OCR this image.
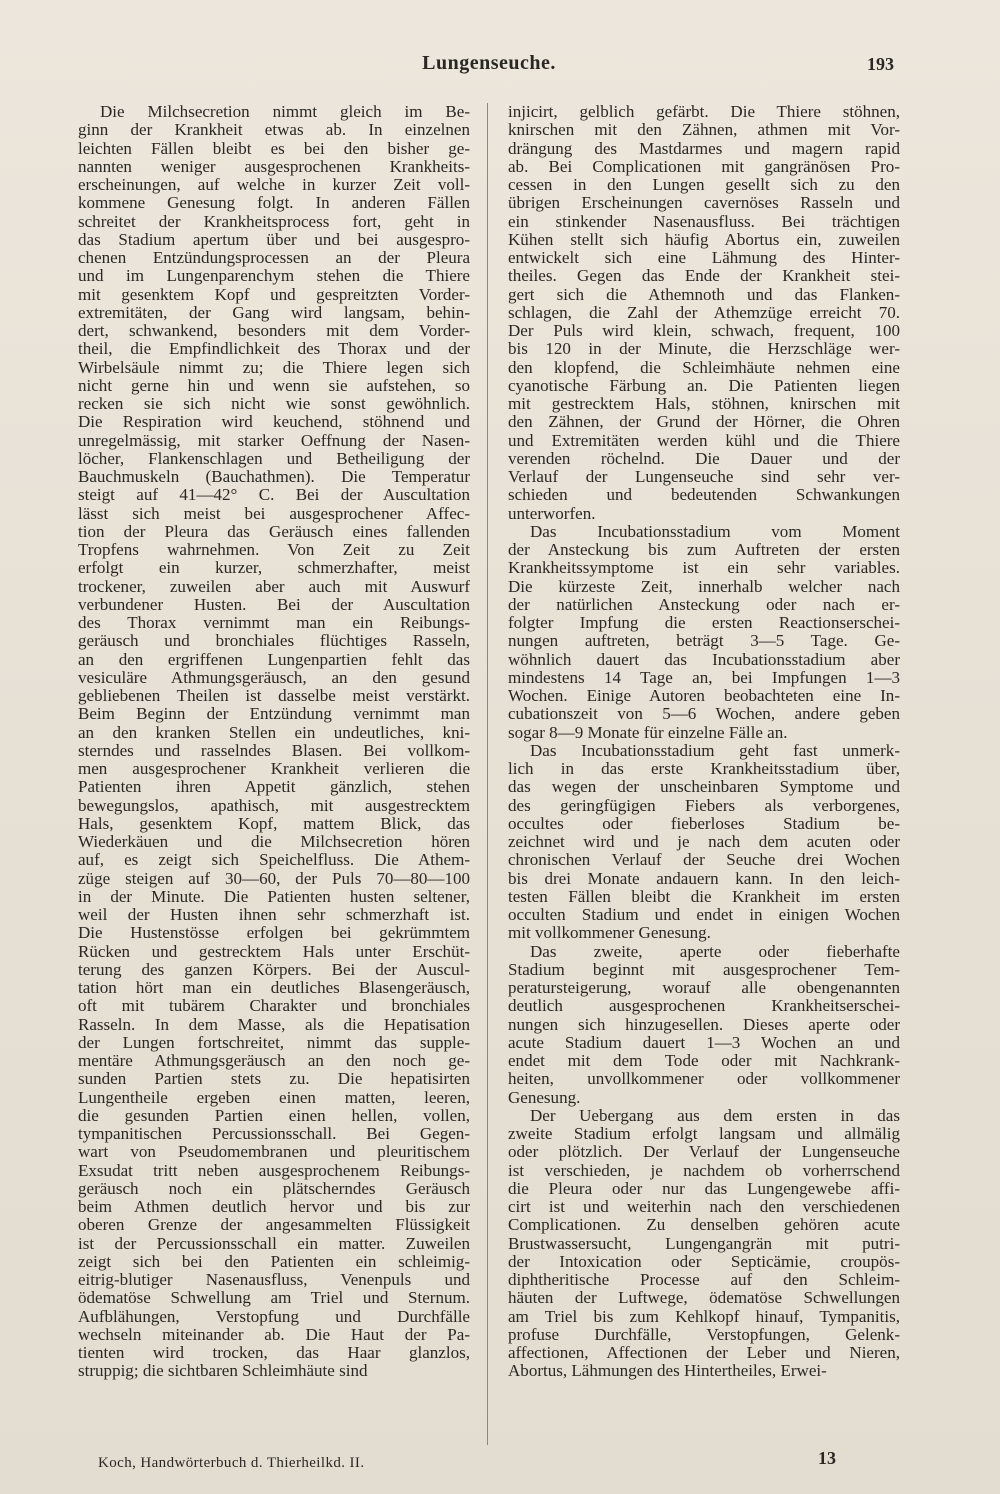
Lungenseuche.	193
Die Milchsecretion nimmt gleich im Be-
ginn der Krankheit etwas ab. In einzelnen
leichten Fällen bleibt es bei den bisher ge-
nannten weniger ausgesprochenen Krankheits-
erscheinungen, auf welche in kurzer Zeit voll-
kommene Genesung folgt. In anderen Fällen
schreitet der Krankheitsprocess fort, geht in
das Stadium apertum über und bei ausgespro-
chenen Entzündungsprocessen an der Pleura
und im Lungenparenchym stehen die Thiere
mit gesenktem Kopf und gespreitzten Vorder-
extremitäten, der Gang wird langsam, behin-
dert, schwankend, besonders mit dem Vorder-
theil, die Empfindlichkeit des Thorax und der
Wirbelsäule nimmt zu; die Thiere legen sich
nicht gerne hin und wenn sie aufstehen, so
recken sie sich nicht wie sonst gewöhnlich.
Die Respiration wird keuchend, stöhnend und
unregelmässig, mit starker Oeffnung der Nasen-
löcher, Flankenschlagen und Betheiligung der
Bauchmuskeln (Bauchathmen). Die Temperatur
steigt auf 41—42° C. Bei der Auscultation
lässt sich meist bei ausgesprochener Affec-
tion der Pleura das Geräusch eines fallenden
Tropfens wahrnehmen. Von Zeit zu Zeit
erfolgt ein kurzer, schmerzhafter, meist
trockener, zuweilen aber auch mit Auswurf
verbundener Husten. Bei der Auscultation
des Thorax vernimmt man ein Reibungs-
geräusch und bronchiales flüchtiges Rasseln,
an den ergriffenen Lungenpartien fehlt das
vesiculäre Athmungsgeräusch, an den gesund
gebliebenen Theilen ist dasselbe meist verstärkt.
Beim Beginn der Entzündung vernimmt man
an den kranken Stellen ein undeutliches, kni-
sterndes und rasselndes Blasen. Bei vollkom-
men ausgesprochener Krankheit verlieren die
Patienten ihren Appetit gänzlich, stehen
bewegungslos, apathisch, mit ausgestrecktem
Hals, gesenktem Kopf, mattem Blick, das
Wiederkäuen und die Milchsecretion hören
auf, es zeigt sich Speichelfluss. Die Athem-
züge steigen auf 30—60, der Puls 70—80—100
in der Minute. Die Patienten husten seltener,
weil der Husten ihnen sehr schmerzhaft ist.
Die Hustenstösse erfolgen bei gekrümmtem
Rücken und gestrecktem Hals unter Erschüt-
terung des ganzen Körpers. Bei der Auscul-
tation hört man ein deutliches Blasengeräusch,
oft mit tubärem Charakter und bronchiales
Rasseln. In dem Masse, als die Hepatisation
der Lungen fortschreitet, nimmt das supple-
mentäre Athmungsgeräusch an den noch ge-
sunden Partien stets zu. Die hepatisirten
Lungentheile ergeben einen matten, leeren,
die gesunden Partien einen hellen, vollen,
tympanitischen Percussionsschall. Bei Gegen-
wart von Pseudomembranen und pleuritischem
Exsudat tritt neben ausgesprochenem Reibungs-
geräusch noch ein plätscherndes Geräusch
beim Athmen deutlich hervor und bis zur
oberen Grenze der angesammelten Flüssigkeit
ist der Percussionsschall ein matter. Zuweilen
zeigt sich bei den Patienten ein schleimig-
eitrig-blutiger Nasenausfluss, Venenpuls und
ödematöse Schwellung am Triel und Sternum.
Aufblähungen, Verstopfung und Durchfälle
wechseln miteinander ab. Die Haut der Pa-
tienten wird trocken, das Haar glanzlos,
struppig; die sichtbaren Schleimhäute sind
injicirt, gelblich gefärbt. Die Thiere stöhnen,
knirschen mit den Zähnen, athmen mit Vor-
drängung des Mastdarmes und magern rapid
ab. Bei Complicationen mit gangränösen Pro-
cessen in den Lungen gesellt sich zu den
übrigen Erscheinungen cavernöses Rasseln und
ein stinkender Nasenausfluss. Bei trächtigen
Kühen stellt sich häufig Abortus ein, zuweilen
entwickelt sich eine Lähmung des Hinter-
theiles. Gegen das Ende der Krankheit stei-
gert sich die Athemnoth und das Flanken-
schlagen, die Zahl der Athemzüge erreicht 70.
Der Puls wird klein, schwach, frequent, 100
bis 120 in der Minute, die Herzschläge wer-
den klopfend, die Schleimhäute nehmen eine
cyanotische Färbung an. Die Patienten liegen
mit gestrecktem Hals, stöhnen, knirschen mit
den Zähnen, der Grund der Hörner, die Ohren
und Extremitäten werden kühl und die Thiere
verenden röchelnd. Die Dauer und der
Verlauf der Lungenseuche sind sehr ver-
schieden und bedeutenden Schwankungen
unterworfen.
Das Incubationsstadium vom Moment
der Ansteckung bis zum Auftreten der ersten
Krankheitssymptome ist ein sehr variables.
Die kürzeste Zeit, innerhalb welcher nach
der natürlichen Ansteckung oder nach er-
folgter Impfung die ersten Reactionserschei-
nungen auftreten, beträgt 3—5 Tage. Ge-
wöhnlich dauert das Incubationsstadium aber
mindestens 14 Tage an, bei Impfungen 1—3
Wochen. Einige Autoren beobachteten eine In-
cubationszeit von 5—6 Wochen, andere geben
sogar 8—9 Monate für einzelne Fälle an.
Das Incubationsstadium geht fast unmerk-
lich in das erste Krankheitsstadium über,
das wegen der unscheinbaren Symptome und
des geringfügigen Fiebers als verborgenes,
occultes oder fieberloses Stadium be-
zeichnet wird und je nach dem acuten oder
chronischen Verlauf der Seuche drei Wochen
bis drei Monate andauern kann. In den leich-
testen Fällen bleibt die Krankheit im ersten
occulten Stadium und endet in einigen Wochen
mit vollkommener Genesung.
Das zweite, aperte oder fieberhafte
Stadium beginnt mit ausgesprochener Tem-
peratursteigerung, worauf alle obengenannten
deutlich ausgesprochenen Krankheitserschei-
nungen sich hinzugesellen. Dieses aperte oder
acute Stadium dauert 1—3 Wochen an und
endet mit dem Tode oder mit Nachkrank-
heiten, unvollkommener oder vollkommener
Genesung.
Der Uebergang aus dem ersten in das
zweite Stadium erfolgt langsam und allmälig
oder plötzlich. Der Verlauf der Lungenseuche
ist verschieden, je nachdem ob vorherrschend
die Pleura oder nur das Lungengewebe affi-
cirt ist und weiterhin nach den verschiedenen
Complicationen. Zu denselben gehören acute
Brustwassersucht, Lungengangrän mit putri-
der Intoxication oder Septicämie, croupös-
diphtheritische Processe auf den Schleim-
häuten der Luftwege, ödematöse Schwellungen
am Triel bis zum Kehlkopf hinauf, Tympanitis,
profuse Durchfälle, Verstopfungen, Gelenk-
affectionen, Affectionen der Leber und Nieren,
Abortus, Lähmungen des Hintertheiles, Erwei-
Koch, Handwörterbuch d. Thierheilkd. II.	13
